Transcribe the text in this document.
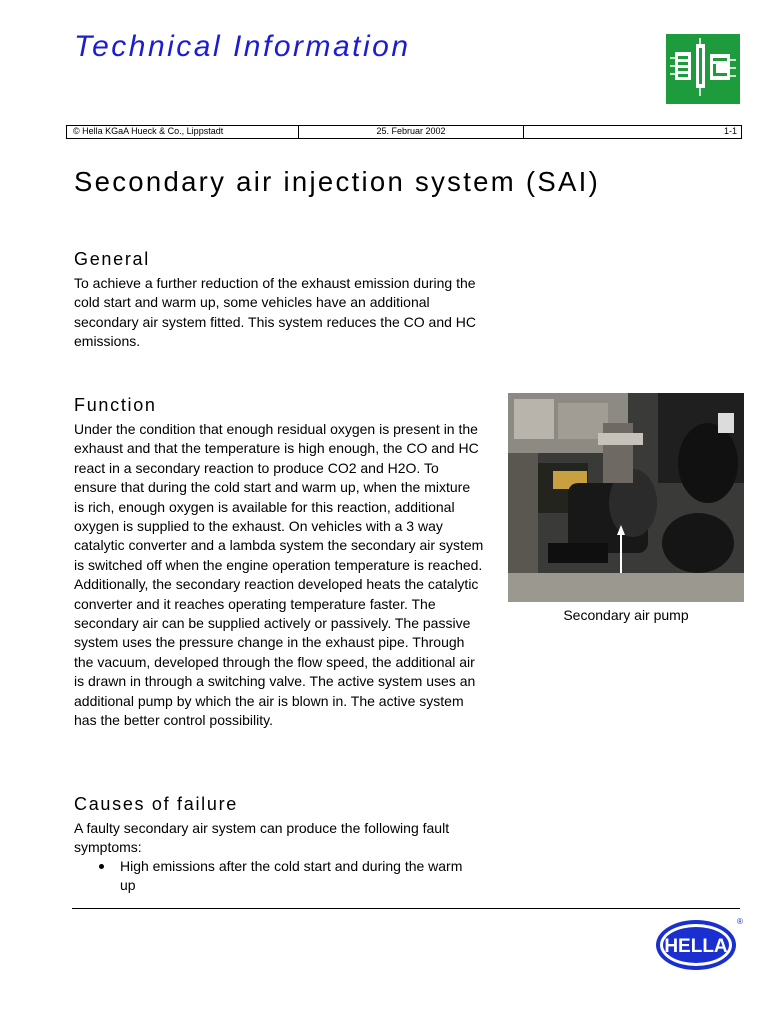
Technical Information
© Hella KGaA Hueck & Co., Lippstadt	25. Februar 2002	1-1
Secondary air injection system (SAI)
General

To achieve a further reduction of the exhaust emission during the cold start and warm up, some vehicles have an additional secondary air system fitted. This system reduces the CO and HC emissions.

Function

Under the condition that enough residual oxygen is present in the exhaust and that the temperature is high enough, the CO and HC react in a secondary reaction to produce CO2 and H2O. To ensure that during the cold start and warm up, when the mixture is rich, enough oxygen is available for this reaction, additional oxygen is supplied to the exhaust. On vehicles with a 3 way catalytic converter and a lambda system the secondary air system is switched off when the engine operation temperature is reached. Additionally, the secondary reaction developed heats the catalytic converter and it reaches operating temperature faster. The secondary air can be supplied actively or passively. The passive system uses the pressure change in the exhaust pipe. Through the vacuum, developed through the flow speed, the additional air is drawn in through a switching valve. The active system uses an additional pump by which the air is blown in. The active system has the better control possibility.

Secondary air pump
Causes of failure

A faulty secondary air system can produce the following fault symptoms:

High emissions after the cold start and during the warm up
HELLA
®
